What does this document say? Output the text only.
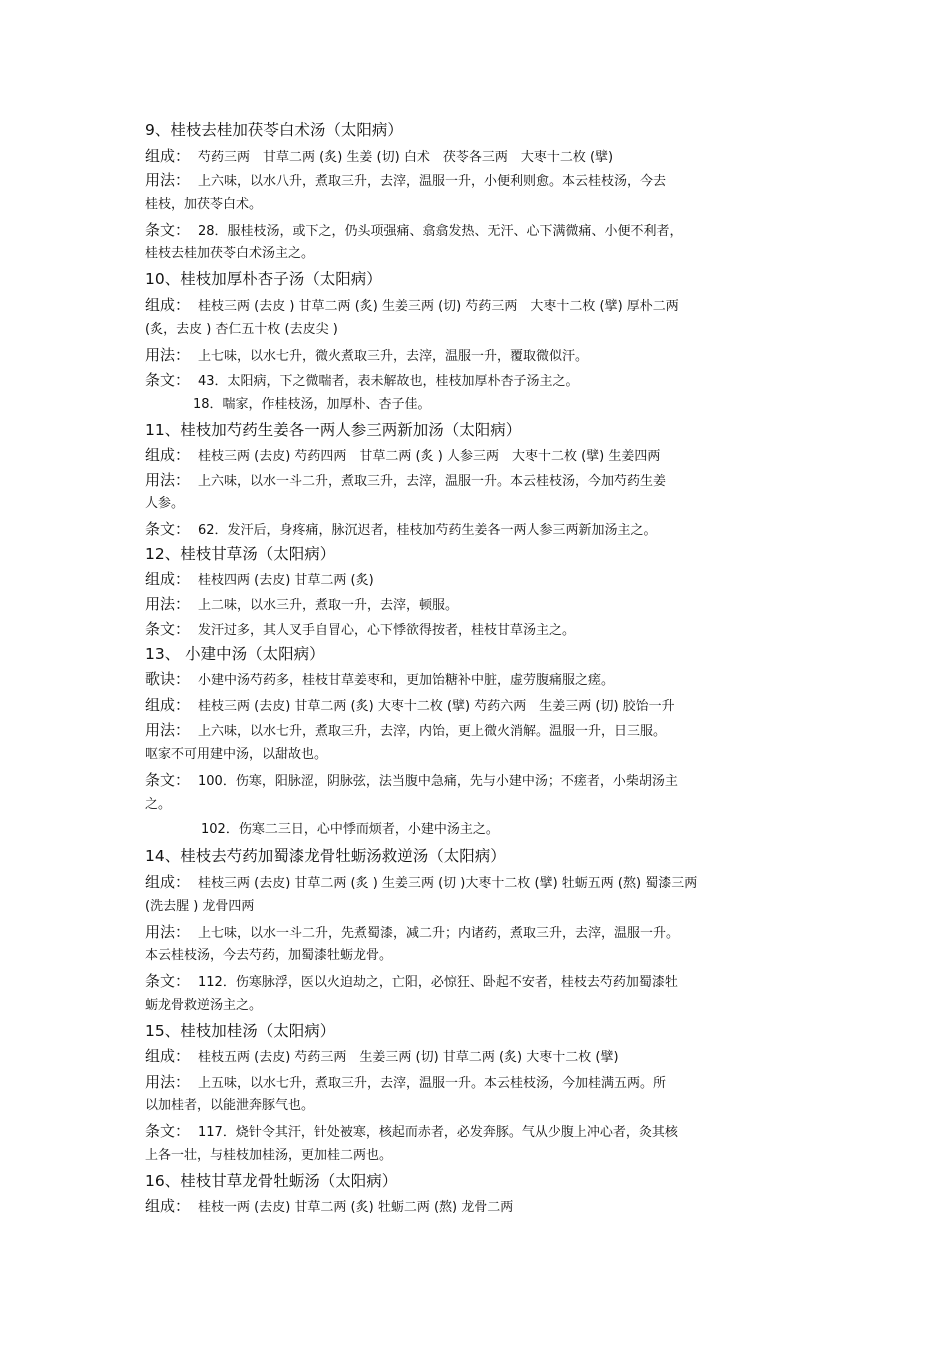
9、桂枝去桂加茯苓白术汤（太阳病）
组成： 芍药三两　甘草二两 (炙) 生姜 (切) 白术　茯苓各三两　大枣十二枚 (擘)
用法： 上六味，以水八升，煮取三升，去滓，温服一升，小便利则愈。本云桂枝汤，今去
桂枝，加茯苓白术。
条文： 28．服桂枝汤，或下之，仍头项强痛、翕翕发热、无汗、心下满微痛、小便不利者，
桂枝去桂加茯苓白术汤主之。
10、桂枝加厚朴杏子汤（太阳病）
组成： 桂枝三两 (去皮 ) 甘草二两 (炙) 生姜三两 (切) 芍药三两　大枣十二枚 (擘) 厚朴二两
(炙，去皮 ) 杏仁五十枚 (去皮尖 )
用法： 上七味，以水七升，微火煮取三升，去滓，温服一升，覆取微似汗。
条文： 43．太阳病，下之微喘者，表未解故也，桂枝加厚朴杏子汤主之。
18．喘家，作桂枝汤，加厚朴、杏子佳。
11、桂枝加芍药生姜各一两人参三两新加汤（太阳病）
组成： 桂枝三两 (去皮) 芍药四两　甘草二两 (炙 ) 人参三两　大枣十二枚 (擘) 生姜四两
用法： 上六味，以水一斗二升，煮取三升，去滓，温服一升。本云桂枝汤，今加芍药生姜
人参。
条文： 62．发汗后，身疼痛，脉沉迟者，桂枝加芍药生姜各一两人参三两新加汤主之。
12、桂枝甘草汤（太阳病）
组成： 桂枝四两 (去皮) 甘草二两 (炙)
用法： 上二味，以水三升，煮取一升，去滓，顿服。
条文： 发汗过多，其人叉手自冒心，心下悸欲得按者，桂枝甘草汤主之。
13、 小建中汤（太阳病）
歌诀： 小建中汤芍药多，桂枝甘草姜枣和，更加饴糖补中脏，虚劳腹痛服之瘥。
组成： 桂枝三两 (去皮) 甘草二两 (炙) 大枣十二枚 (擘) 芍药六两　生姜三两 (切) 胶饴一升
用法： 上六味，以水七升，煮取三升，去滓，内饴，更上微火消解。温服一升，日三服。
呕家不可用建中汤，以甜故也。
条文： 100．伤寒，阳脉涩，阴脉弦，法当腹中急痛，先与小建中汤；不瘥者，小柴胡汤主
之。
102．伤寒二三日，心中悸而烦者，小建中汤主之。
14、桂枝去芍药加蜀漆龙骨牡蛎汤救逆汤（太阳病）
组成： 桂枝三两 (去皮) 甘草二两 (炙 ) 生姜三两 (切 )大枣十二枚 (擘) 牡蛎五两 (熬) 蜀漆三两
(洗去腥 ) 龙骨四两
用法： 上七味，以水一斗二升，先煮蜀漆，减二升；内诸药，煮取三升，去滓，温服一升。
本云桂枝汤，今去芍药，加蜀漆牡蛎龙骨。
条文： 112．伤寒脉浮，医以火迫劫之，亡阳，必惊狂、卧起不安者，桂枝去芍药加蜀漆牡
蛎龙骨救逆汤主之。
15、桂枝加桂汤（太阳病）
组成： 桂枝五两 (去皮) 芍药三两　生姜三两 (切) 甘草二两 (炙) 大枣十二枚 (擘)
用法： 上五味，以水七升，煮取三升，去滓，温服一升。本云桂枝汤，今加桂满五两。所
以加桂者，以能泄奔豚气也。
条文： 117．烧针令其汗，针处被寒，核起而赤者，必发奔豚。气从少腹上冲心者，灸其核
上各一壮，与桂枝加桂汤，更加桂二两也。
16、桂枝甘草龙骨牡蛎汤（太阳病）
组成： 桂枝一两 (去皮) 甘草二两 (炙) 牡蛎二两 (熬) 龙骨二两
